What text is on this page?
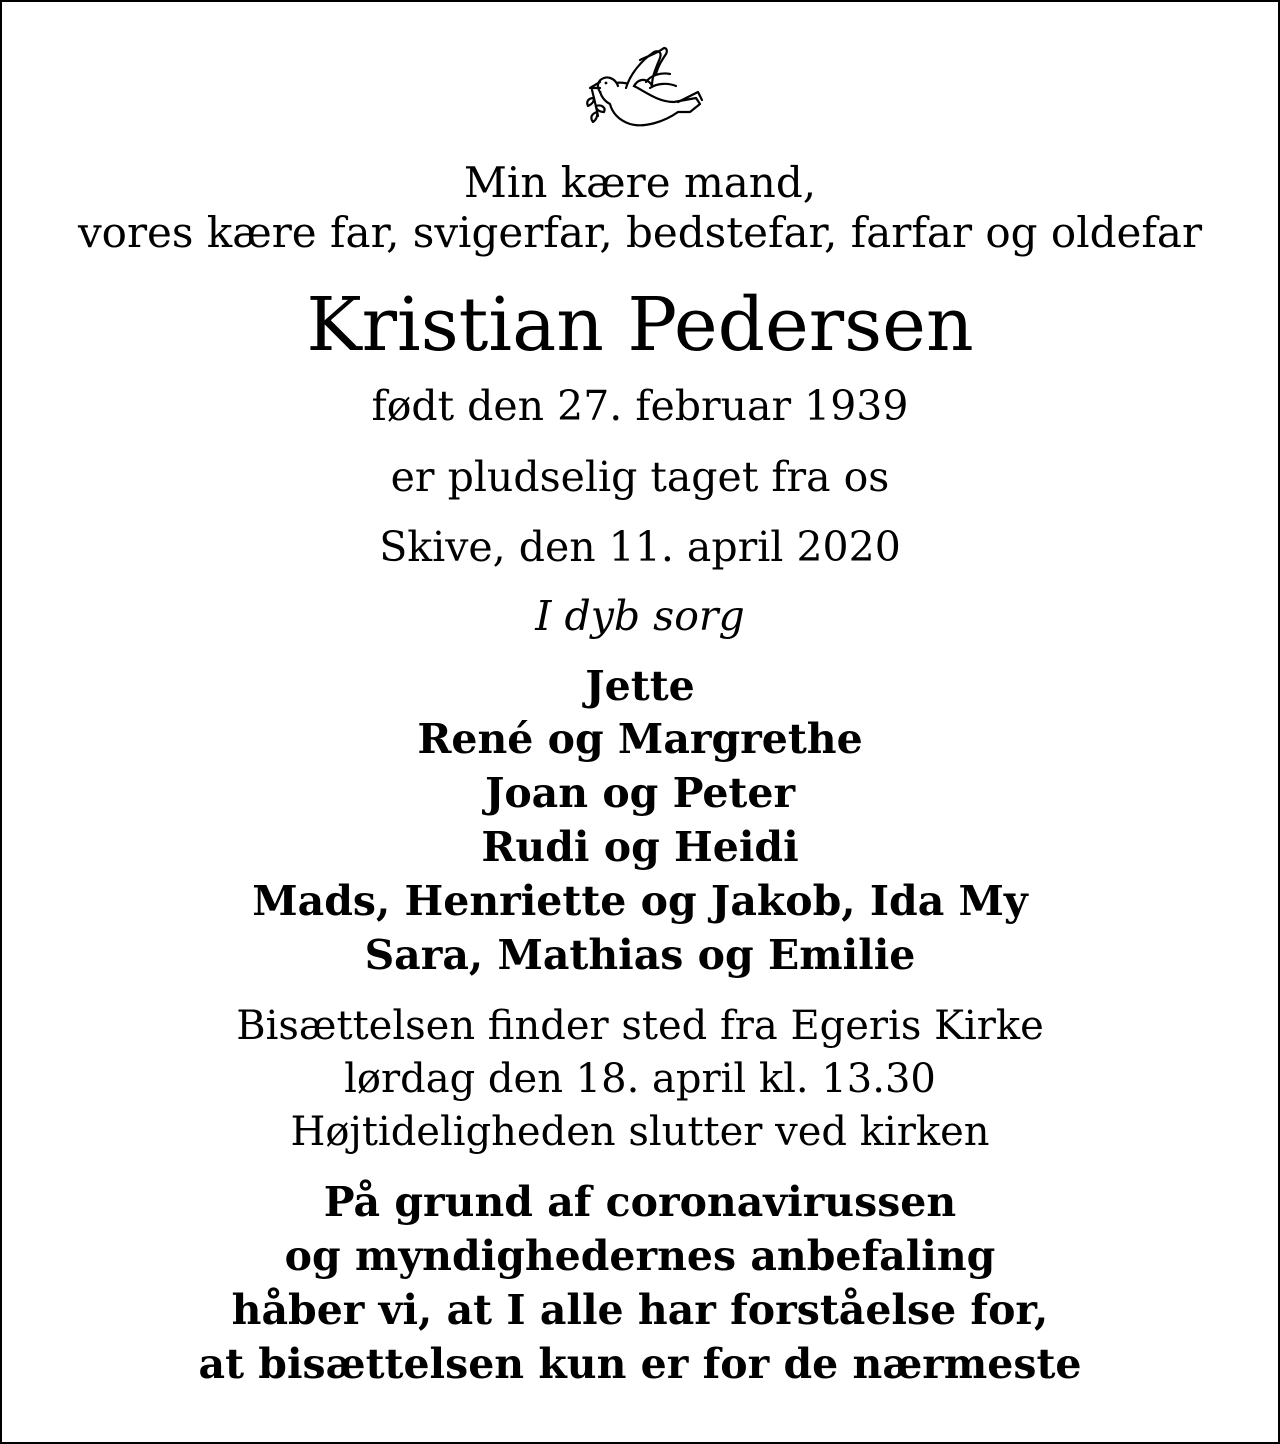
Min kære mand,
vores kære far, svigerfar, bedstefar, farfar og oldefar
Kristian Pedersen
født den 27. februar 1939
er pludselig taget fra os
Skive, den 11. april 2020
I dyb sorg
Jette
René og Margrethe
Joan og Peter
Rudi og Heidi
Mads, Henriette og Jakob, Ida My
Sara, Mathias og Emilie
Bisættelsen finder sted fra Egeris Kirke
lørdag den 18. april kl. 13.30
Højtideligheden slutter ved kirken
På grund af coronavirussen
og myndighedernes anbefaling
håber vi, at I alle har forståelse for,
at bisættelsen kun er for de nærmeste
